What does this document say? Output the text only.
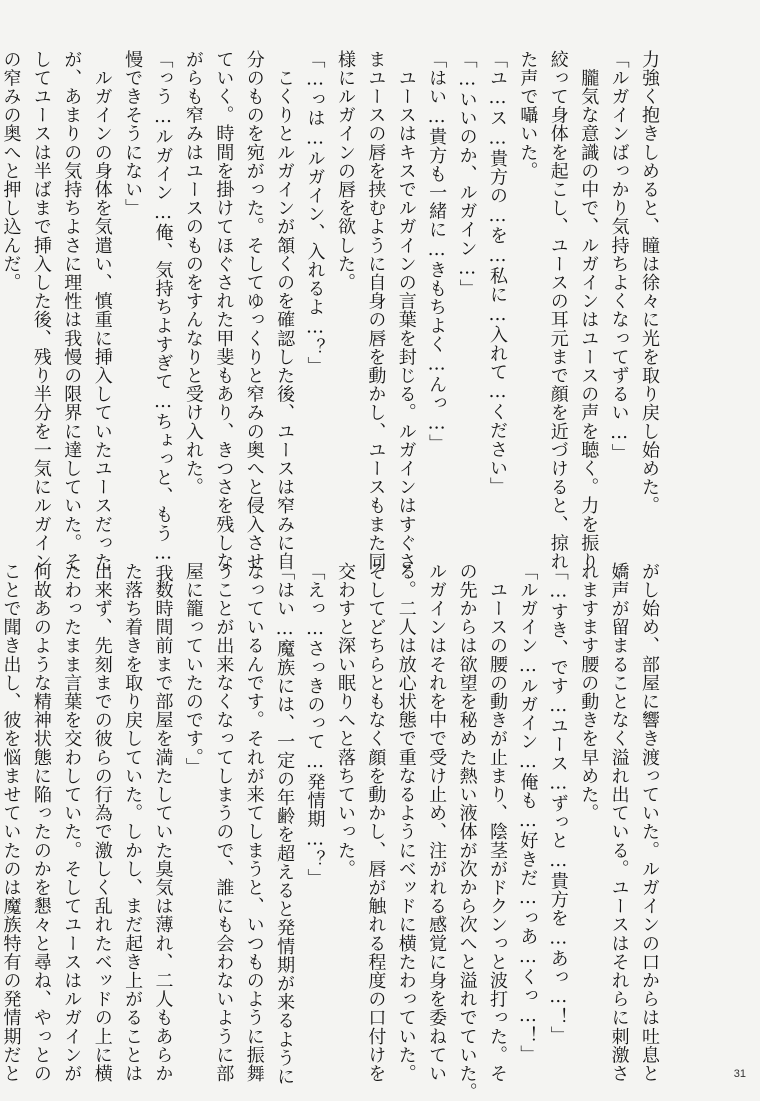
力強く抱きしめると、瞳は徐々に光を取り戻し始めた。
「ルガインばっかり気持ちよくなってずるい…」
　朧気な意識の中で、ルガインはユースの声を聴く。力を振り
絞って身体を起こし、ユースの耳元まで顔を近づけると、掠れ
た声で囁いた。
「ユ…ス…貴方の…を…私に…入れて…ください」
「…いいのか、ルガイン…」
「はい…貴方も一緒に…きもちよく…んっ…」
　ユースはキスでルガインの言葉を封じる。ルガインはすぐさ
まユースの唇を挟むように自身の唇を動かし、ユースもまた同
様にルガインの唇を欲した。
「…っは…ルガイン、入れるよ…？」
　こくりとルガインが頷くのを確認した後、ユースは窄みに自
分のものを宛がった。そしてゆっくりと窄みの奥へと侵入させ
ていく。時間を掛けてほぐされた甲斐もあり、きつさを残しな
がらも窄みはユースのものをすんなりと受け入れた。
「っう…ルガイン…俺、気持ちよすぎて…ちょっと、もう…我
慢できそうにない」
　ルガインの身体を気遣い、慎重に挿入していたユースだった
が、あまりの気持ちよさに理性は我慢の限界に達していた。そ
してユースは半ばまで挿入した後、残り半分を一気にルガイン
の窄みの奥へと押し込んだ。
がし始め、部屋に響き渡っていた。ルガインの口からは吐息と
嬌声が留まることなく溢れ出ている。ユースはそれらに刺激さ
れますます腰の動きを早めた。
「…すき、です…ユース…ずっと…貴方を…あっ…！」
「ルガイン…ルガイン…俺も…好きだ…っあ…くっ…！」
　ユースの腰の動きが止まり、陰茎がドクンっと波打った。そ
の先からは欲望を秘めた熱い液体が次から次へと溢れでていた。
ルガインはそれを中で受け止め、注がれる感覚に身を委ねてい
る。二人は放心状態で重なるようにベッドに横たわっていた。
そしてどちらともなく顔を動かし、唇が触れる程度の口付けを
交わすと深い眠りへと落ちていった。
「えっ…さっきのって…発情期…？」
「はい…魔族には、一定の年齢を超えると発情期が来るように
なっているんです。それが来てしまうと、いつものように振舞
うことが出来なくなってしまうので、誰にも会わないように部
屋に籠っていたのです。」
　数時間前まで部屋を満たしていた臭気は薄れ、二人もあらか
た落ち着きを取り戻していた。しかし、まだ起き上がることは
出来ず、先刻までの彼らの行為で激しく乱れたベッドの上に横
たわったまま言葉を交わしていた。そしてユースはルガインが
何故あのような精神状態に陥ったのかを懇々と尋ね、やっとの
ことで聞き出し、彼を悩ませていたのは魔族特有の発情期だと	31
